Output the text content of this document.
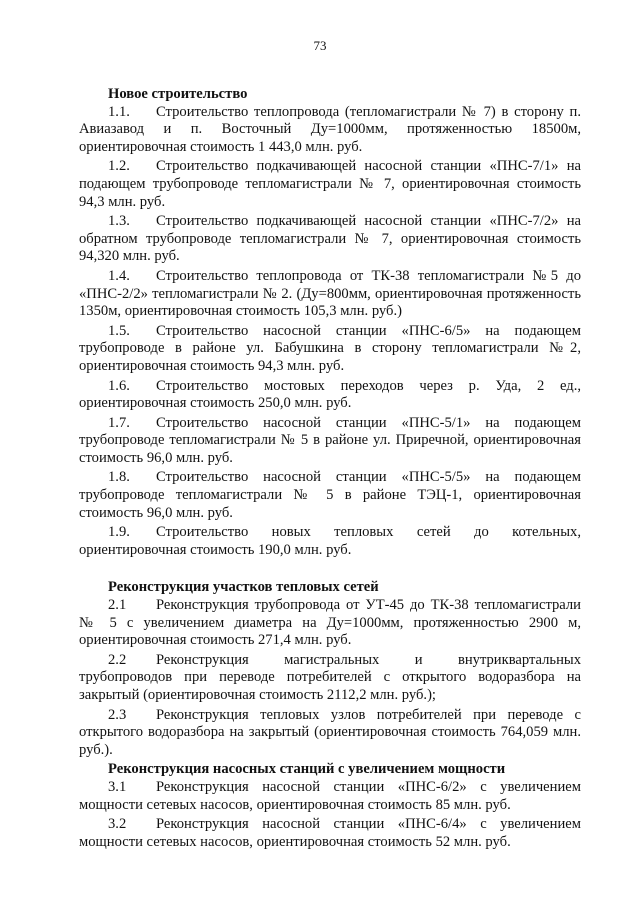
73

Новое строительство

1.1. Строительство теплопровода (тепломагистрали № 7) в сторону п. Авиазавод и п. Восточный Ду=1000мм, протяженностью 18500м, ориентировочная стоимость 1 443,0 млн. руб.

1.2. Строительство подкачивающей насосной станции «ПНС-7/1» на подающем трубопроводе тепломагистрали № 7, ориентировочная стоимость 94,3 млн. руб.

1.3. Строительство подкачивающей насосной станции «ПНС-7/2» на обратном трубопроводе тепломагистрали № 7, ориентировочная стоимость 94,320 млн. руб.

1.4. Строительство теплопровода от ТК-38 тепломагистрали №5 до «ПНС-2/2» тепломагистрали № 2. (Ду=800мм, ориентировочная протяженность 1350м, ориентировочная стоимость 105,3 млн. руб.)

1.5. Строительство насосной станции «ПНС-6/5» на подающем трубопроводе в районе ул. Бабушкина в сторону тепломагистрали №2, ориентировочная стоимость 94,3 млн. руб.

1.6. Строительство мостовых переходов через р. Уда, 2 ед., ориентировочная стоимость 250,0 млн. руб.

1.7. Строительство насосной станции «ПНС-5/1» на подающем трубопроводе тепломагистрали № 5 в районе ул. Приречной, ориентировочная стоимость 96,0 млн. руб.

1.8. Строительство насосной станции «ПНС-5/5» на подающем трубопроводе тепломагистрали № 5 в районе ТЭЦ-1, ориентировочная стоимость 96,0 млн. руб.

1.9. Строительство новых тепловых сетей до котельных, ориентировочная стоимость 190,0 млн. руб.

Реконструкция участков тепловых сетей

2.1 Реконструкция трубопровода от УТ-45 до ТК-38 тепломагистрали № 5 с увеличением диаметра на Ду=1000мм, протяженностью 2900 м, ориентировочная стоимость 271,4 млн. руб.

2.2 Реконструкция магистральных и внутриквартальных трубопроводов при переводе потребителей с открытого водоразбора на закрытый (ориентировочная стоимость 2112,2 млн. руб.);

2.3 Реконструкция тепловых узлов потребителей при переводе с открытого водоразбора на закрытый (ориентировочная стоимость 764,059 млн. руб.).

Реконструкция насосных станций с увеличением мощности

3.1 Реконструкция насосной станции «ПНС-6/2» с увеличением мощности сетевых насосов, ориентировочная стоимость 85 млн. руб.

3.2 Реконструкция насосной станции «ПНС-6/4» с увеличением мощности сетевых насосов, ориентировочная стоимость 52 млн. руб.
